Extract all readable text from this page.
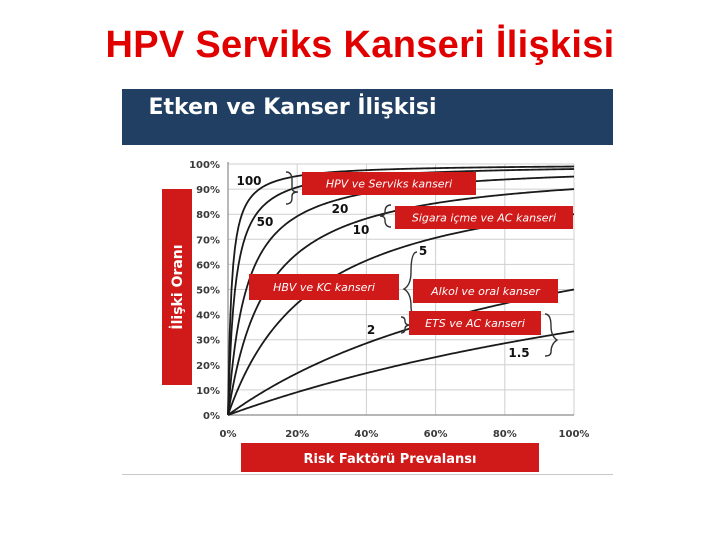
HPV Serviks Kanseri İlişkisi
Etken ve Kanser İlişkisi
0%
10%
20%
30%
40%
50%
60%
70%
80%
90%
100%
0%	20%	40%	60%	80%	100%
100
50
20
10
5
2
1.5
HPV ve Serviks kanseri
Sigara içme ve AC kanseri
HBV ve KC kanseri	Alkol ve oral kanser
ETS ve AC kanseri
İlişki Oranı
Risk Faktörü Prevalansı
